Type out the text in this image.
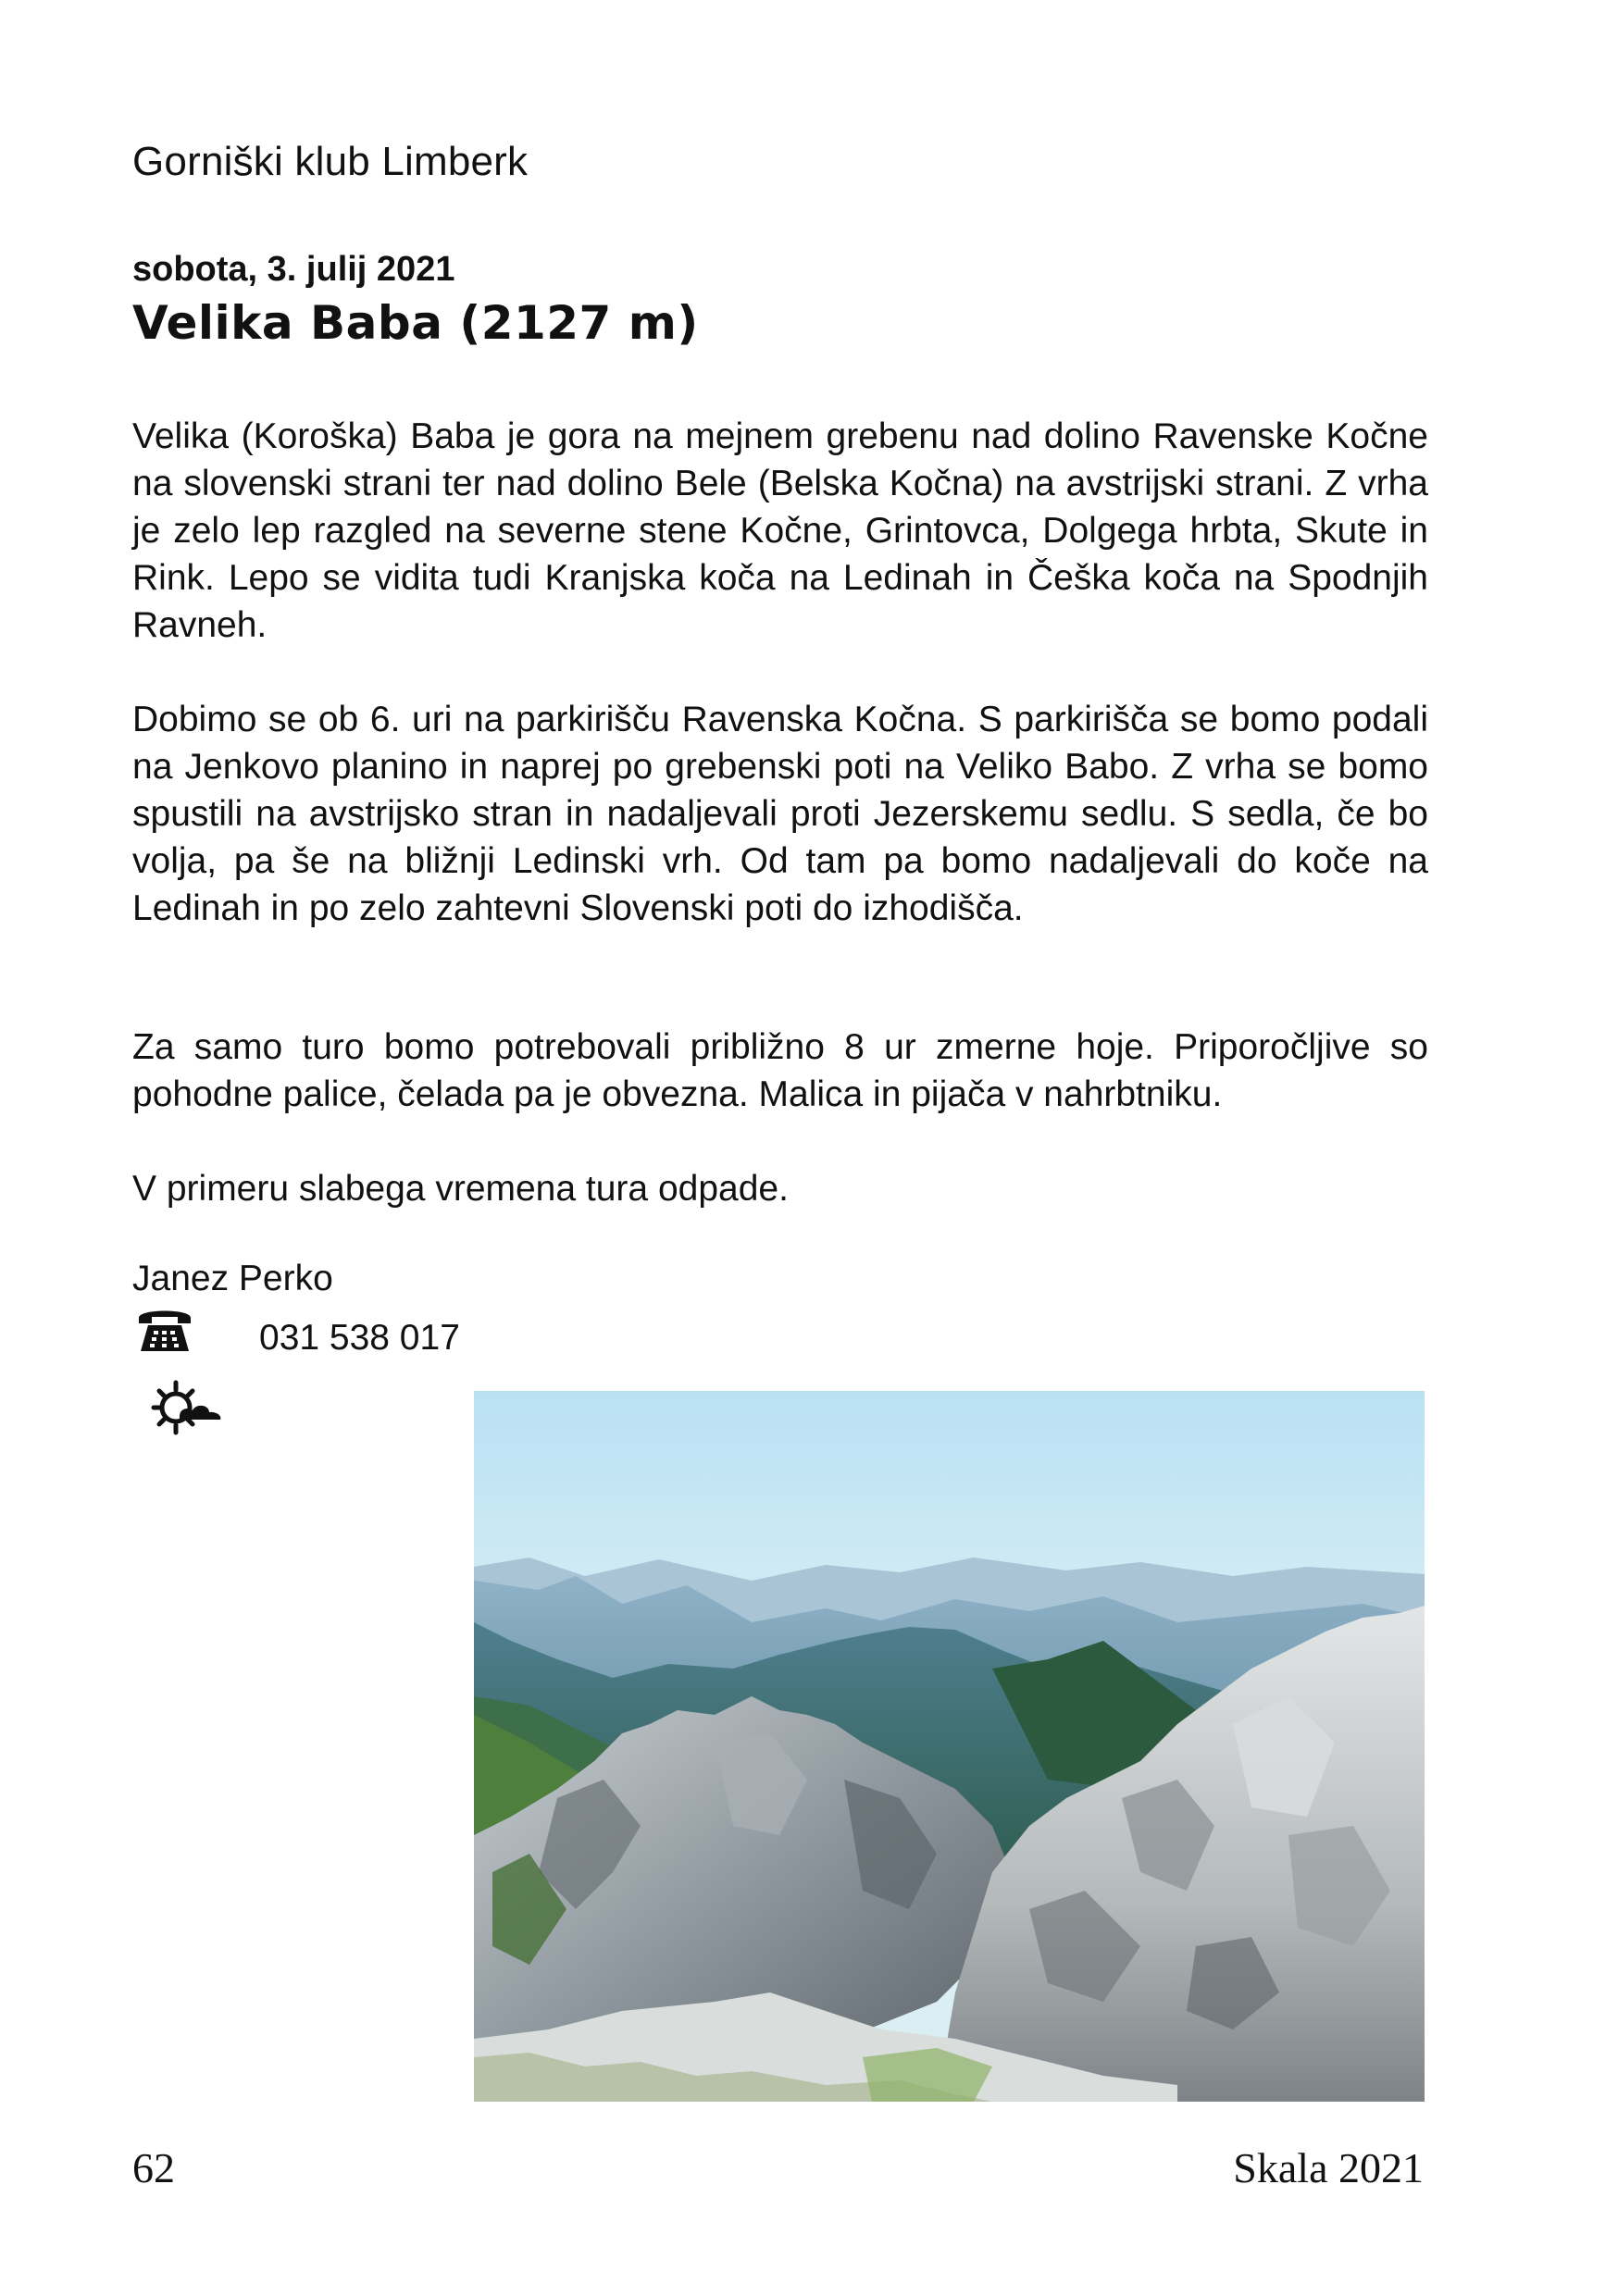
Gorniški klub Limberk
sobota, 3. julij 2021
Velika Baba (2127 m)
Velika (Koroška) Baba je gora na mejnem grebenu nad dolino Ravenske Kočne na slovenski strani ter nad dolino Bele (Belska Kočna) na avstrijski strani. Z vrha je zelo lep razgled na severne stene Kočne, Grintovca, Dolgega hrbta, Skute in Rink. Lepo se vidita tudi Kranjska koča na Ledinah in Češka koča na Spodnjih Ravneh.
Dobimo se ob 6. uri na parkirišču Ravenska Kočna. S parkirišča se bomo podali na Jenkovo planino in naprej po grebenski poti na Veliko Babo. Z vrha se bomo spustili na avstrijsko stran in nadaljevali proti Jezerskemu sedlu. S sedla, če bo volja, pa še na bližnji Ledinski vrh. Od tam pa bomo nadaljevali do koče na Ledinah in po zelo zahtevni Slovenski poti do izhodišča.
Za samo turo bomo potrebovali približno 8 ur zmerne hoje. Priporočljive so pohodne palice, čelada pa je obvezna. Malica in pijača v nahrbtniku.
V primeru slabega vremena tura odpade.
Janez Perko
031 538 017
62	Skala 2021
